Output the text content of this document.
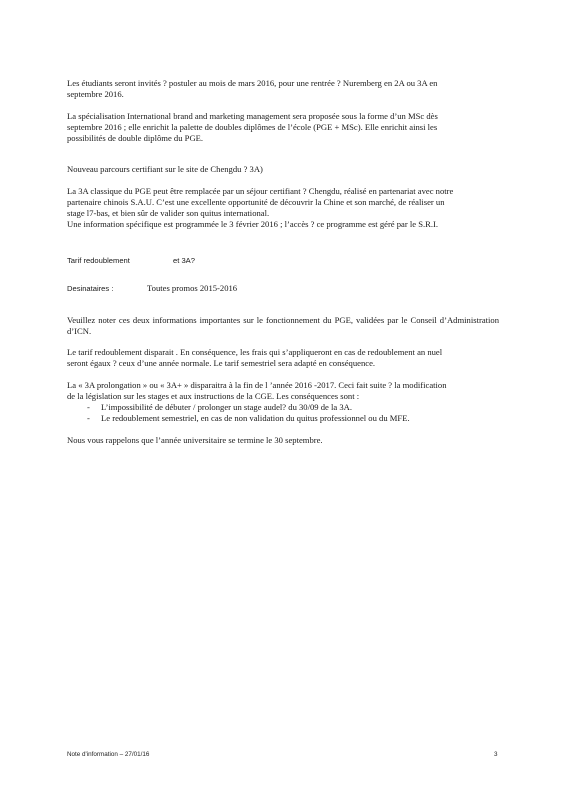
Les étudiants seront invités ? postuler au mois de mars 2016, pour une rentrée ? Nuremberg en 2A ou 3A en

septembre 2016.

La spécialisation International brand and marketing management sera proposée sous la forme d’un MSc dès

septembre 2016 ; elle enrichit la palette de doubles diplômes de l’école (PGE + MSc). Elle enrichit ainsi les

possibilités de double diplôme du PGE.

Nouveau parcours certifiant sur le site de Chengdu ? 3A)

La 3A classique du PGE peut être remplacée par un séjour certifiant ? Chengdu, réalisé en partenariat avec notre

partenaire chinois S.A.U. C’est une excellente opportunité de découvrir la Chine et son marché, de réaliser un

stage l7-bas, et bien sûr de valider son quitus international.

Une information spécifique est programmée le 3 février 2016 ; l’accès ? ce programme est géré par le S.R.I.

Tarif redoublement	et 3A?

Desinataires :	Toutes promos 2015-2016

Veuillez noter ces deux informations importantes sur le fonctionnement du PGE, validées par le Conseil d’Administration d’ICN.

Le tarif redoublement disparait . En conséquence, les frais qui s’appliqueront en cas de redoublement an nuel

seront égaux ? ceux d’une année normale. Le tarif semestriel sera adapté en conséquence.

La « 3A prolongation » ou « 3A+ » disparaitra à la fin de l ’année 2016 -2017. Ceci fait suite ? la modification

de la législation sur les stages et aux instructions de la CGE. Les conséquences sont :

- L’impossibilité de débuter / prolonger un stage audel? du 30/09 de la 3A.
- Le redoublement semestriel, en cas de non validation du quitus professionnel ou du MFE.

Nous vous rappelons que l’année universitaire se termine le 30 septembre.

Note d'information – 27/01/16	3
